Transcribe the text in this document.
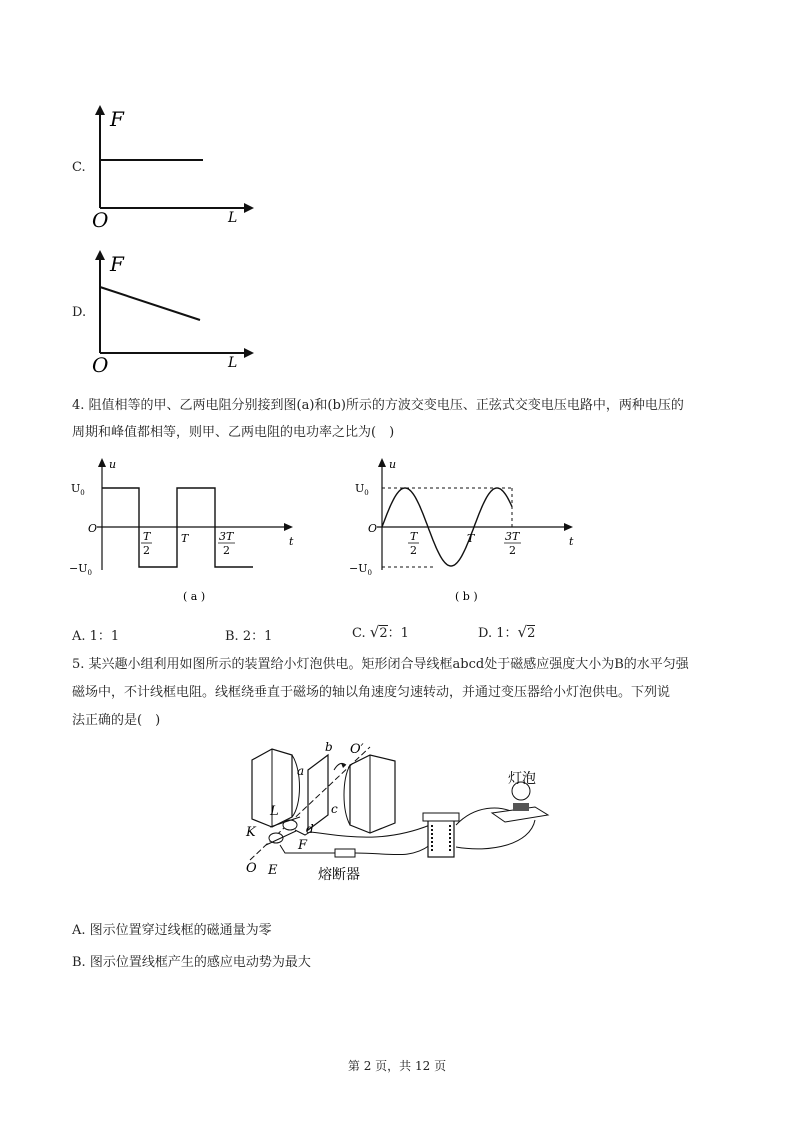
C.
F
O	L
D.
F
O	L
4. 阻值相等的甲、乙两电阻分别接到图(a)和(b)所示的方波交变电压、正弦式交变电压电路中，两种电压的
周期和峰值都相等，则甲、乙两电阻的电功率之比为(　)
u
t
$U_0$
O
$-U_0$
T
2
T	3T
2
( a )
u
t
$U_0$
O
$-U_0$
T
2
T	3T
2
( b )
A. 1：1	B. 2：1	C. √2：1	D. 1：√2
5. 某兴趣小组利用如图所示的装置给小灯泡供电。矩形闭合导线框abcd处于磁感应强度大小为B的水平匀强
磁场中，不计线框电阻。线框绕垂直于磁场的轴以角速度匀速转动，并通过变压器给小灯泡供电。下列说
法正确的是(　)
a
b
c
d
L
K
F
O E
O′
灯泡
熔断器
A. 图示位置穿过线框的磁通量为零
B. 图示位置线框产生的感应电动势为最大
第 2 页，共 12 页
